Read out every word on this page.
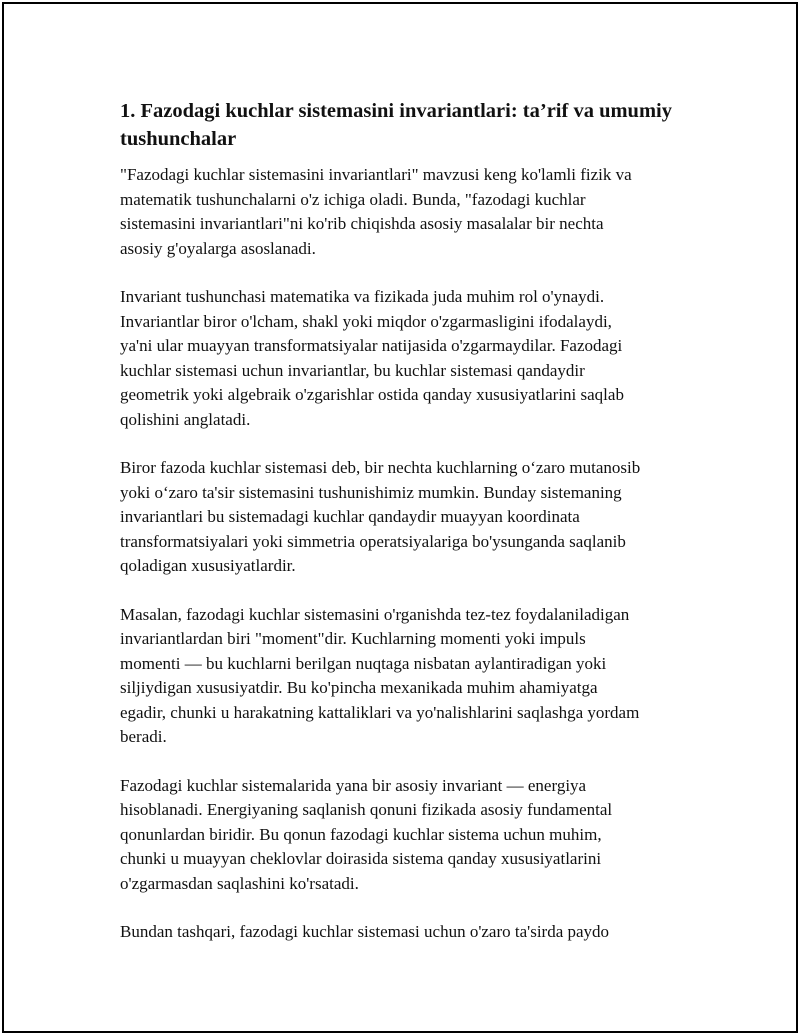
1. Fazodagi kuchlar sistemasini invariantlari: ta’rif va umumiy tushunchalar
"Fazodagi kuchlar sistemasini invariantlari" mavzusi keng ko'lamli fizik va
matematik tushunchalarni o'z ichiga oladi. Bunda, "fazodagi kuchlar
sistemasini invariantlari"ni ko'rib chiqishda asosiy masalalar bir nechta
asosiy g'oyalarga asoslanadi.
Invariant tushunchasi matematika va fizikada juda muhim rol o'ynaydi.
Invariantlar biror o'lcham, shakl yoki miqdor o'zgarmasligini ifodalaydi,
ya'ni ular muayyan transformatsiyalar natijasida o'zgarmaydilar. Fazodagi
kuchlar sistemasi uchun invariantlar, bu kuchlar sistemasi qandaydir
geometrik yoki algebraik o'zgarishlar ostida qanday xususiyatlarini saqlab
qolishini anglatadi.
Biror fazoda kuchlar sistemasi deb, bir nechta kuchlarning o‘zaro mutanosib
yoki o‘zaro ta'sir sistemasini tushunishimiz mumkin. Bunday sistemaning
invariantlari bu sistemadagi kuchlar qandaydir muayyan koordinata
transformatsiyalari yoki simmetria operatsiyalariga bo'ysunganda saqlanib
qoladigan xususiyatlardir.
Masalan, fazodagi kuchlar sistemasini o'rganishda tez-tez foydalaniladigan
invariantlardan biri "moment"dir. Kuchlarning momenti yoki impuls
momenti — bu kuchlarni berilgan nuqtaga nisbatan aylantiradigan yoki
siljiydigan xususiyatdir. Bu ko'pincha mexanikada muhim ahamiyatga
egadir, chunki u harakatning kattaliklari va yo'nalishlarini saqlashga yordam
beradi.
Fazodagi kuchlar sistemalarida yana bir asosiy invariant — energiya
hisoblanadi. Energiyaning saqlanish qonuni fizikada asosiy fundamental
qonunlardan biridir. Bu qonun fazodagi kuchlar sistema uchun muhim,
chunki u muayyan cheklovlar doirasida sistema qanday xususiyatlarini
o'zgarmasdan saqlashini ko'rsatadi.
Bundan tashqari, fazodagi kuchlar sistemasi uchun o'zaro ta'sirda paydo
